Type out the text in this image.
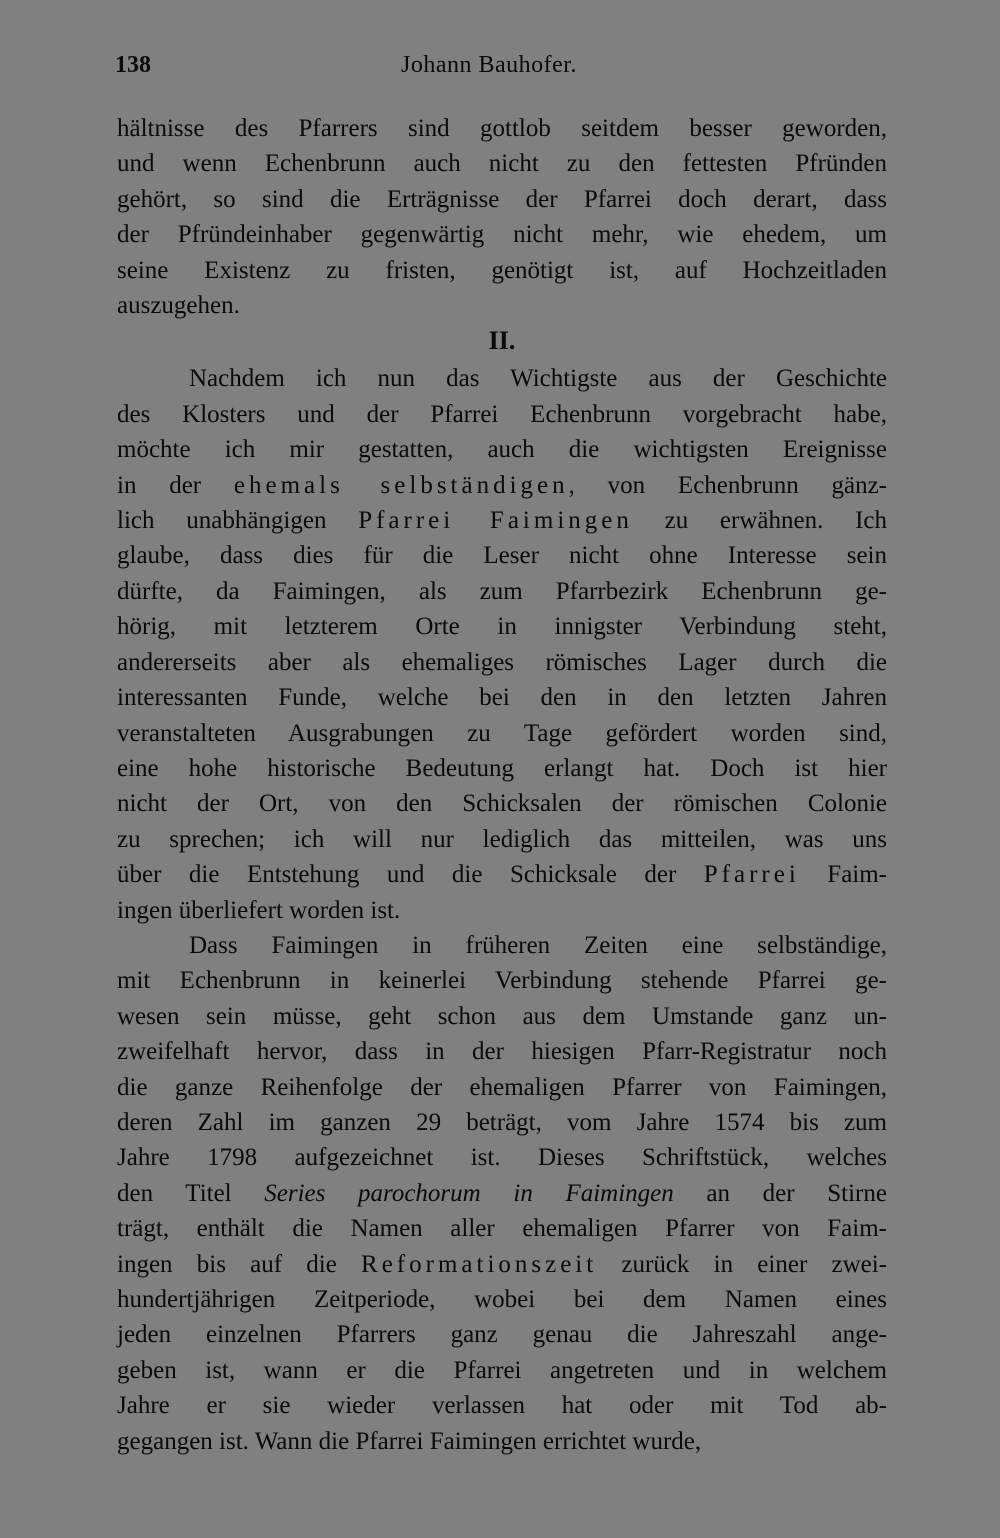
138	Johann Bauhofer.
hältnisse des Pfarrers sind gottlob seitdem besser geworden,
und wenn Echenbrunn auch nicht zu den fettesten Pfründen
gehört, so sind die Erträgnisse der Pfarrei doch derart, dass
der Pfründeinhaber gegenwärtig nicht mehr, wie ehedem, um
seine Existenz zu fristen, genötigt ist, auf Hochzeitladen
auszugehen.
II.
Nachdem ich nun das Wichtigste aus der Geschichte
des Klosters und der Pfarrei Echenbrunn vorgebracht habe,
möchte ich mir gestatten, auch die wichtigsten Ereignisse
in der ehemals selbständigen, von Echenbrunn gänz-
lich unabhängigen Pfarrei Faimingen zu erwähnen. Ich
glaube, dass dies für die Leser nicht ohne Interesse sein
dürfte, da Faimingen, als zum Pfarrbezirk Echenbrunn ge-
hörig, mit letzterem Orte in innigster Verbindung steht,
andererseits aber als ehemaliges römisches Lager durch die
interessanten Funde, welche bei den in den letzten Jahren
veranstalteten Ausgrabungen zu Tage gefördert worden sind,
eine hohe historische Bedeutung erlangt hat. Doch ist hier
nicht der Ort, von den Schicksalen der römischen Colonie
zu sprechen; ich will nur lediglich das mitteilen, was uns
über die Entstehung und die Schicksale der Pfarrei Faim-
ingen überliefert worden ist.
Dass Faimingen in früheren Zeiten eine selbständige,
mit Echenbrunn in keinerlei Verbindung stehende Pfarrei ge-
wesen sein müsse, geht schon aus dem Umstande ganz un-
zweifelhaft hervor, dass in der hiesigen Pfarr-Registratur noch
die ganze Reihenfolge der ehemaligen Pfarrer von Faimingen,
deren Zahl im ganzen 29 beträgt, vom Jahre 1574 bis zum
Jahre 1798 aufgezeichnet ist. Dieses Schriftstück, welches
den Titel Series parochorum in Faimingen an der Stirne
trägt, enthält die Namen aller ehemaligen Pfarrer von Faim-
ingen bis auf die Reformationszeit zurück in einer zwei-
hundertjährigen Zeitperiode, wobei bei dem Namen eines
jeden einzelnen Pfarrers ganz genau die Jahreszahl ange-
geben ist, wann er die Pfarrei angetreten und in welchem
Jahre er sie wieder verlassen hat oder mit Tod ab-
gegangen ist. Wann die Pfarrei Faimingen errichtet wurde,
